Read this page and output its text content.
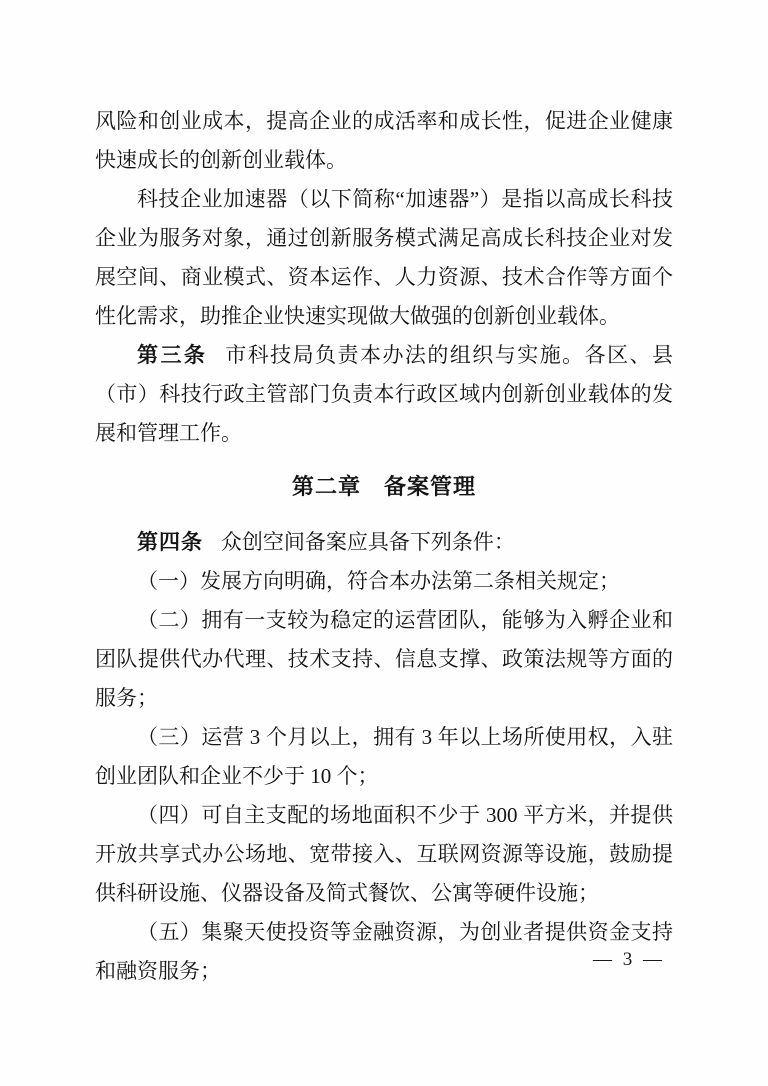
风险和创业成本，提高企业的成活率和成长性，促进企业健康快速成长的创新创业载体。

科技企业加速器（以下简称“加速器”）是指以高成长科技企业为服务对象，通过创新服务模式满足高成长科技企业对发展空间、商业模式、资本运作、人力资源、技术合作等方面个性化需求，助推企业快速实现做大做强的创新创业载体。

第三条 市科技局负责本办法的组织与实施。各区、县（市）科技行政主管部门负责本行政区域内创新创业载体的发展和管理工作。

第二章　备案管理

第四条 众创空间备案应具备下列条件：

（一）发展方向明确，符合本办法第二条相关规定；

（二）拥有一支较为稳定的运营团队，能够为入孵企业和团队提供代办代理、技术支持、信息支撑、政策法规等方面的服务；

（三）运营 3 个月以上，拥有 3 年以上场所使用权，入驻创业团队和企业不少于 10 个；

（四）可自主支配的场地面积不少于 300 平方米，并提供开放共享式办公场地、宽带接入、互联网资源等设施，鼓励提供科研设施、仪器设备及简式餐饮、公寓等硬件设施；

（五）集聚天使投资等金融资源，为创业者提供资金支持和融资服务；	— 3 —
